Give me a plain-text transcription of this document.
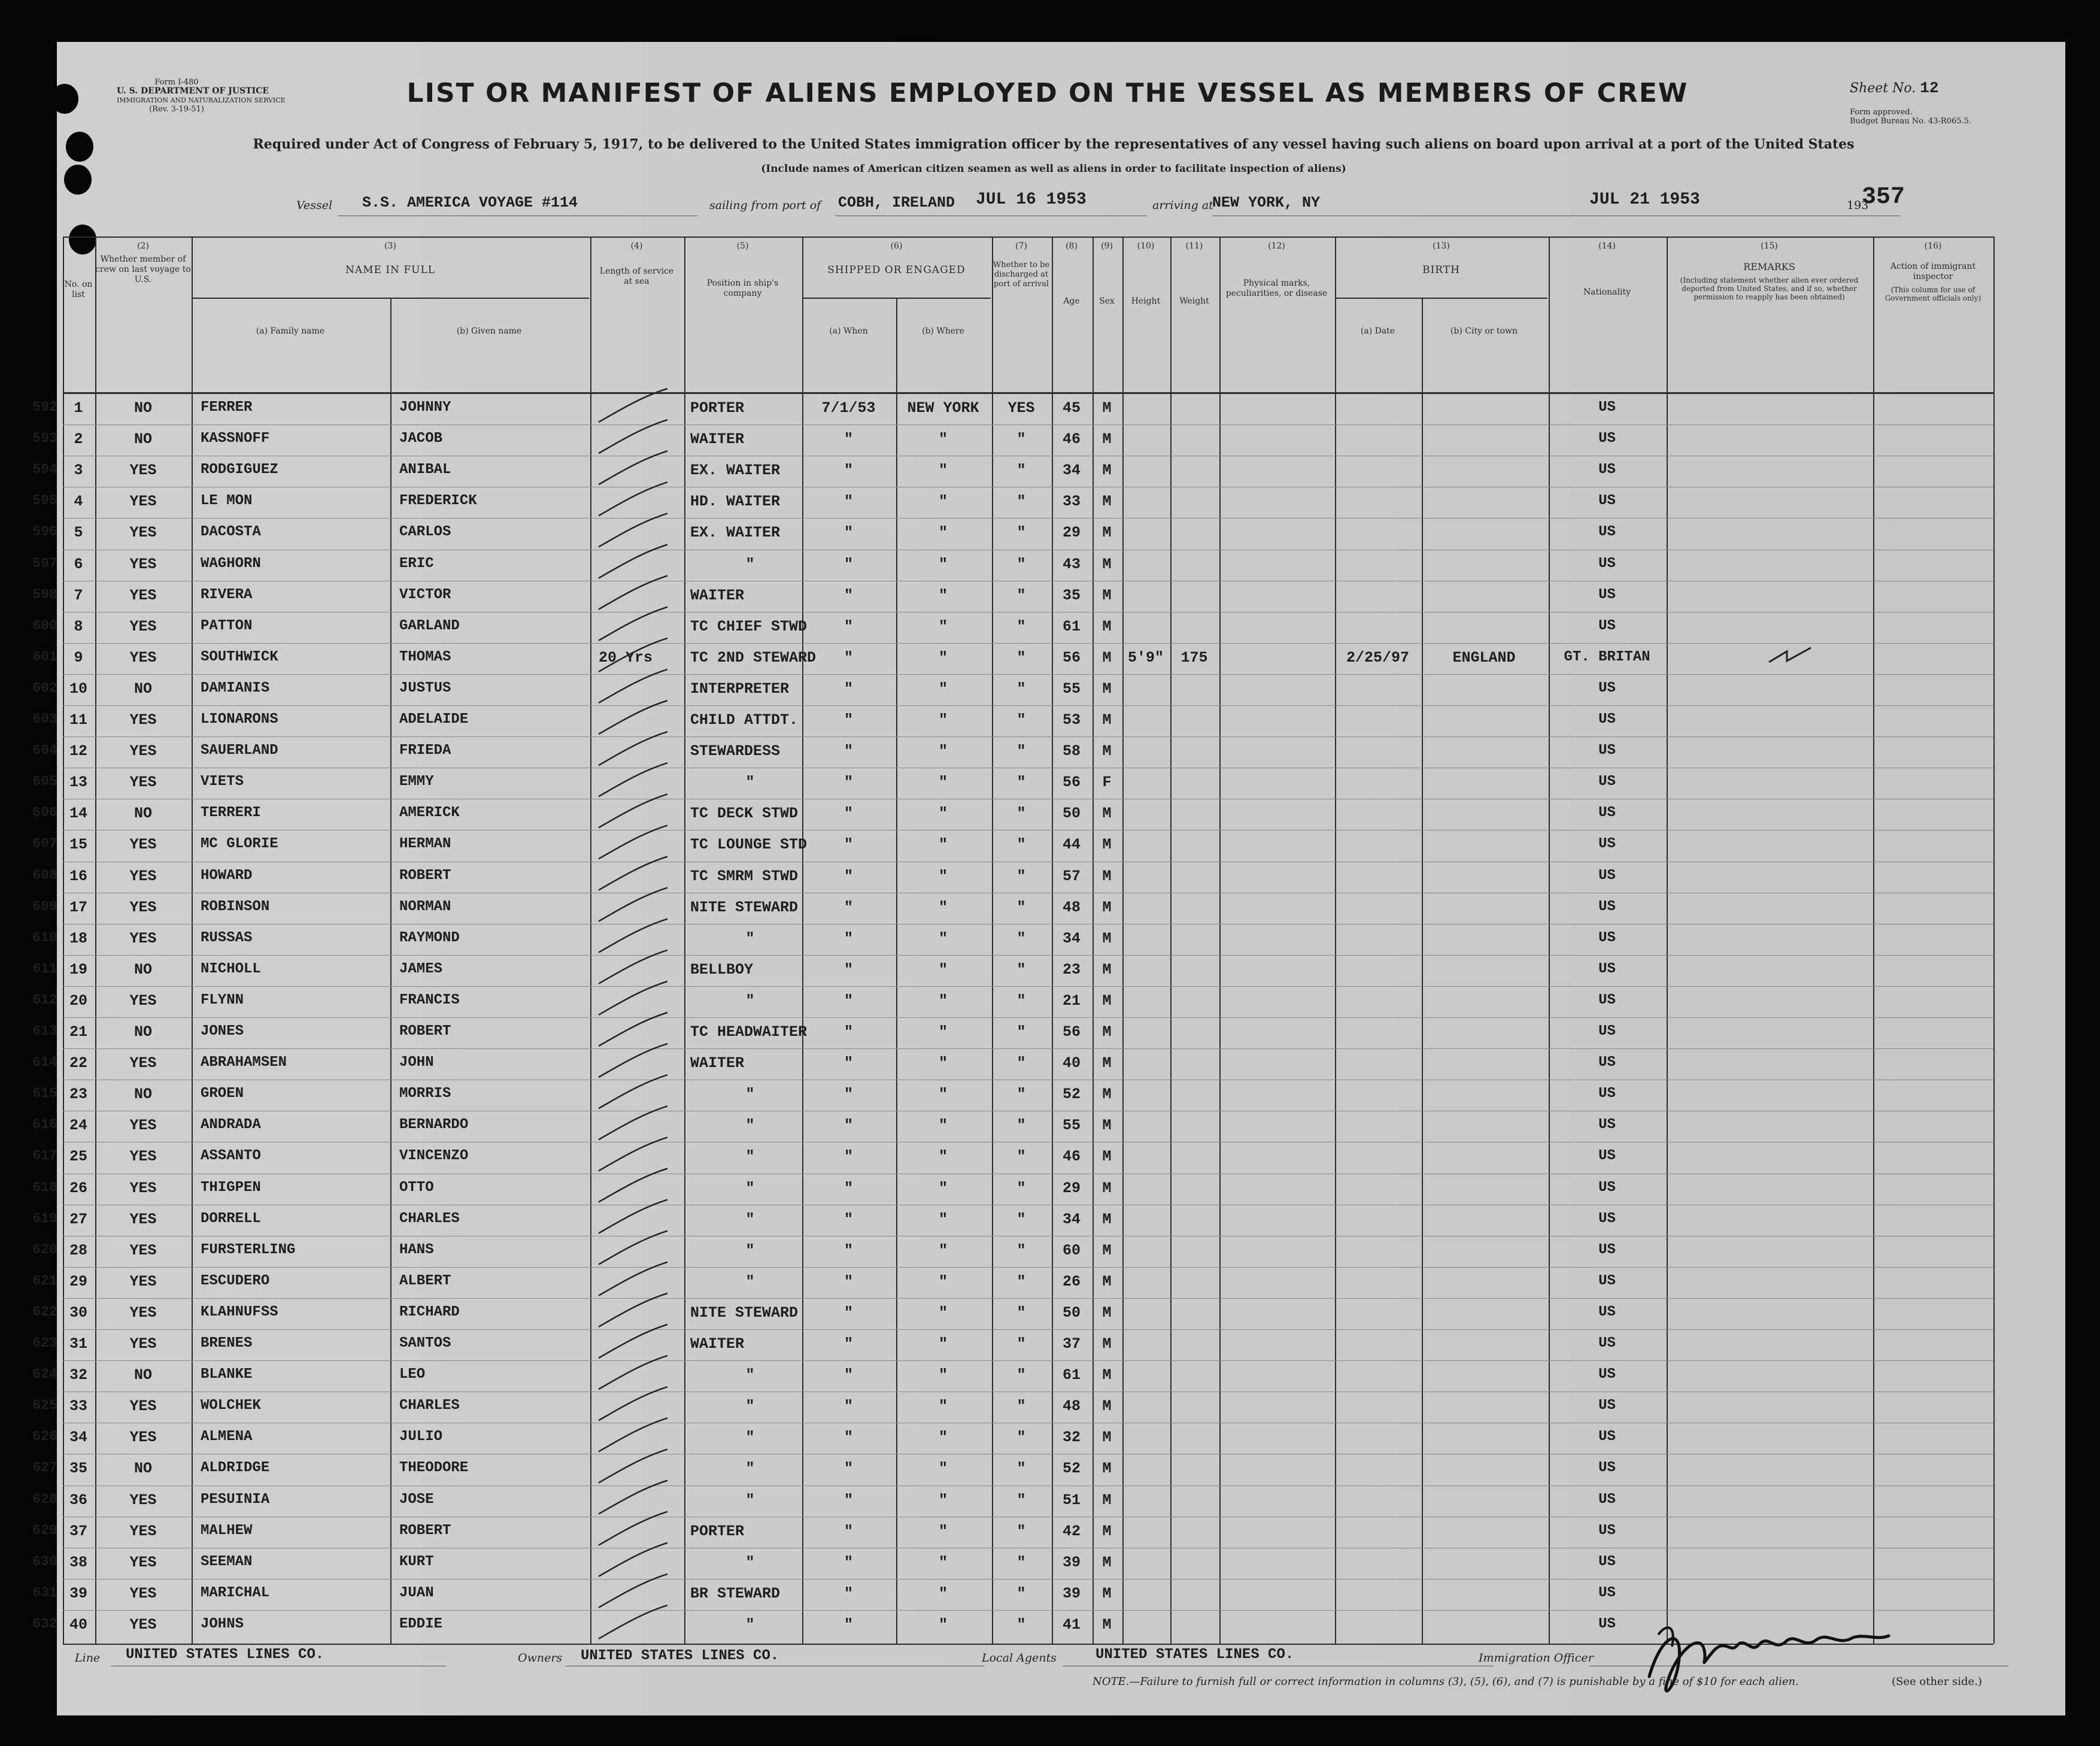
Form I-480
U. S. DEPARTMENT OF JUSTICE
IMMIGRATION AND NATURALIZATION SERVICE
(Rev. 3-19-51)
LIST OR MANIFEST OF ALIENS EMPLOYED ON THE VESSEL AS MEMBERS OF CREW	Sheet No. 12
Form approved.
Budget Bureau No. 43-R065.5.
Required under Act of Congress of February 5, 1917, to be delivered to the United States immigration officer by the representatives of any vessel having such aliens on board upon arrival at a port of the United States
(Include names of American citizen seamen as well as aliens in order to facilitate inspection of aliens)
Vessel S.S. AMERICA VOYAGE #114	sailing from port of COBH, IRELAND JUL 16 1953	arriving at
NEW YORK, NY	JUL 21 1953	193
357
No. on list
(2)
Whether member of crew on last voyage to U.S.
(3)
NAME IN FULL
(a) Family name	(b) Given name
(4)
Length of service at sea
(5)
Position in ship's company
(6)
SHIPPED OR ENGAGED
(a) When	(b) Where
(7)
Whether to be discharged at port of arrival
(8)
Age
(9)
Sex
(10)
Height
(11)
Weight
(12)
Physical marks, peculiarities, or disease
(13)
BIRTH
(a) Date	(b) City or town
(14)
Nationality
(15)
REMARKS
(Including statement whether alien ever ordered deported from United States, and if so, whether permission to reapply has been obtained)
(16)
Action of immigrant inspector
(This column for use of Government officials only)
592	1	NO	FERRER	JOHNNY	PORTER	7/1/53	NEW YORK	YES	45	M	US
593	2	NO	KASSNOFF	JACOB	WAITER	"	"	"	46	M	US
594	3	YES	RODGIGUEZ	ANIBAL	EX. WAITER	"	"	"	34	M	US
595	4	YES	LE MON	FREDERICK	HD. WAITER	"	"	"	33	M	US
596	5	YES	DACOSTA	CARLOS	EX. WAITER	"	"	"	29	M	US
597	6	YES	WAGHORN	ERIC	"	"	"	"	43	M	US
598	7	YES	RIVERA	VICTOR	WAITER	"	"	"	35	M	US
600	8	YES	PATTON	GARLAND	TC CHIEF STWD	"	"	"	61	M	US
601	9	YES	SOUTHWICK	THOMAS	20 Yrs	TC 2ND STEWARD	"	"	"	56	M	5'9"	175	2/25/97	ENGLAND	GT. BRITAN
602 10	NO	DAMIANIS	JUSTUS	INTERPRETER	"	"	"	55	M	US
603 11	YES	LIONARONS	ADELAIDE	CHILD ATTDT.	"	"	"	53	M	US
604 12	YES	SAUERLAND	FRIEDA	STEWARDESS	"	"	"	58	M	US
605 13	YES	VIETS	EMMY	"	"	"	"	56	F	US
606 14	NO	TERRERI	AMERICK	TC DECK STWD	"	"	"	50	M	US
607 15	YES	MC GLORIE	HERMAN	TC LOUNGE STD	"	"	"	44	M	US
608 16	YES	HOWARD	ROBERT	TC SMRM STWD	"	"	"	57	M	US
609 17	YES	ROBINSON	NORMAN	NITE STEWARD	"	"	"	48	M	US
610 18	YES	RUSSAS	RAYMOND	"	"	"	"	34	M	US
611 19	NO	NICHOLL	JAMES	BELLBOY	"	"	"	23	M	US
612 20	YES	FLYNN	FRANCIS	"	"	"	"	21	M	US
613 21	NO	JONES	ROBERT	TC HEADWAITER	"	"	"	56	M	US
614 22	YES	ABRAHAMSEN	JOHN	WAITER	"	"	"	40	M	US
615 23	NO	GROEN	MORRIS	"	"	"	"	52	M	US
616 24	YES	ANDRADA	BERNARDO	"	"	"	"	55	M	US
617 25	YES	ASSANTO	VINCENZO	"	"	"	"	46	M	US
618 26	YES	THIGPEN	OTTO	"	"	"	"	29	M	US
619 27	YES	DORRELL	CHARLES	"	"	"	"	34	M	US
620 28	YES	FURSTERLING	HANS	"	"	"	"	60	M	US
621 29	YES	ESCUDERO	ALBERT	"	"	"	"	26	M	US
622 30	YES	KLAHNUFSS	RICHARD	NITE STEWARD	"	"	"	50	M	US
623 31	YES	BRENES	SANTOS	WAITER	"	"	"	37	M	US
624 32	NO	BLANKE	LEO	"	"	"	"	61	M	US
625 33	YES	WOLCHEK	CHARLES	"	"	"	"	48	M	US
626 34	YES	ALMENA	JULIO	"	"	"	"	32	M	US
627 35	NO	ALDRIDGE	THEODORE	"	"	"	"	52	M	US
628 36	YES	PESUINIA	JOSE	"	"	"	"	51	M	US
629 37	YES	MALHEW	ROBERT	PORTER	"	"	"	42	M	US
630 38	YES	SEEMAN	KURT	"	"	"	"	39	M	US
631 39	YES	MARICHAL	JUAN	BR STEWARD	"	"	"	39	M	US
632 40	YES	JOHNS	EDDIE	"	"	"	"	41	M	US
Line UNITED STATES LINES CO.	Owners UNITED STATES LINES CO.	Local Agents	UNITED STATES LINES CO.	Immigration Officer
NOTE.—Failure to furnish full or correct information in columns (3), (5), (6), and (7) is punishable by a fine of $10 for each alien.	(See other side.)
